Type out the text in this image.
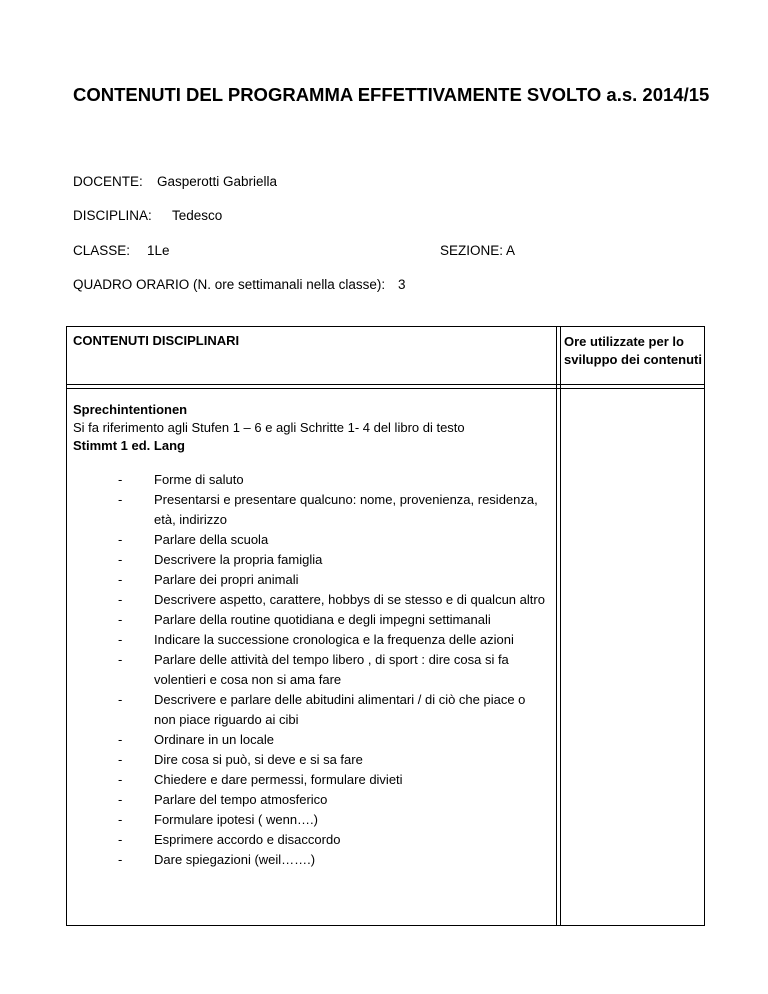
CONTENUTI DEL PROGRAMMA EFFETTIVAMENTE SVOLTO a.s. 2014/15
DOCENTE: Gasperotti Gabriella
DISCIPLINA: Tedesco
CLASSE: 1Le	SEZIONE: A
QUADRO ORARIO (N. ore settimanali nella classe): 3
CONTENUTI DISCIPLINARI	Ore utilizzate per lo sviluppo dei contenuti
Sprechintentionen
Si fa riferimento agli Stufen 1 – 6 e agli Schritte 1- 4 del libro di testo
Stimmt 1 ed. Lang
- Forme di saluto
- Presentarsi e presentare qualcuno: nome, provenienza, residenza, età, indirizzo
- Parlare della scuola
- Descrivere la propria famiglia
- Parlare dei propri animali
- Descrivere aspetto, carattere, hobbys di se stesso e di qualcun altro
- Parlare della routine quotidiana e degli impegni settimanali
- Indicare la successione cronologica e la frequenza delle azioni
- Parlare delle attività del tempo libero , di sport : dire cosa si fa volentieri e cosa non si ama fare
- Descrivere e parlare delle abitudini alimentari / di ciò che piace o non piace riguardo ai cibi
- Ordinare in un locale
- Dire cosa si può, si deve e si sa fare
- Chiedere e dare permessi, formulare divieti
- Parlare del tempo atmosferico
- Formulare ipotesi ( wenn….)
- Esprimere accordo e disaccordo
- Dare spiegazioni (weil…….)
